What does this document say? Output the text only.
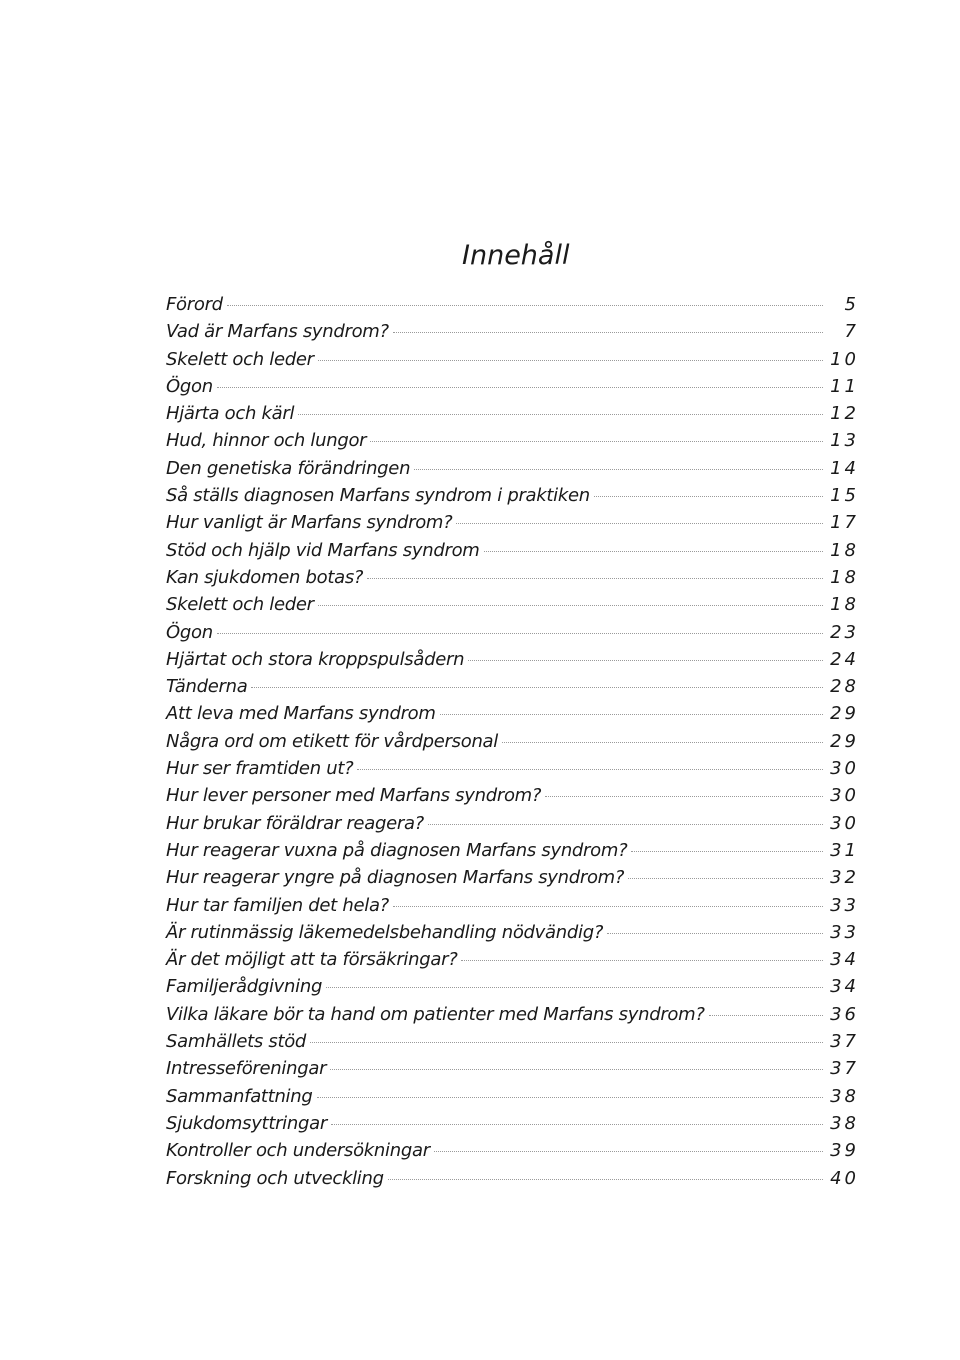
Innehåll
Förord	5
Vad är Marfans syndrom?	7
Skelett och leder	10
Ögon	11
Hjärta och kärl	12
Hud, hinnor och lungor	13
Den genetiska förändringen	14
Så ställs diagnosen Marfans syndrom i praktiken	15
Hur vanligt är Marfans syndrom?	17
Stöd och hjälp vid Marfans syndrom	18
Kan sjukdomen botas?	18
Skelett och leder	18
Ögon	23
Hjärtat och stora kroppspulsådern	24
Tänderna	28
Att leva med Marfans syndrom	29
Några ord om etikett för vårdpersonal	29
Hur ser framtiden ut?	30
Hur lever personer med Marfans syndrom?	30
Hur brukar föräldrar reagera?	30
Hur reagerar vuxna på diagnosen Marfans syndrom?	31
Hur reagerar yngre på diagnosen Marfans syndrom?	32
Hur tar familjen det hela?	33
Är rutinmässig läkemedelsbehandling nödvändig?	33
Är det möjligt att ta försäkringar?	34
Familjerådgivning	34
Vilka läkare bör ta hand om patienter med Marfans syndrom?	36
Samhällets stöd	37
Intresseföreningar	37
Sammanfattning	38
Sjukdomsyttringar	38
Kontroller och undersökningar	39
Forskning och utveckling	40
